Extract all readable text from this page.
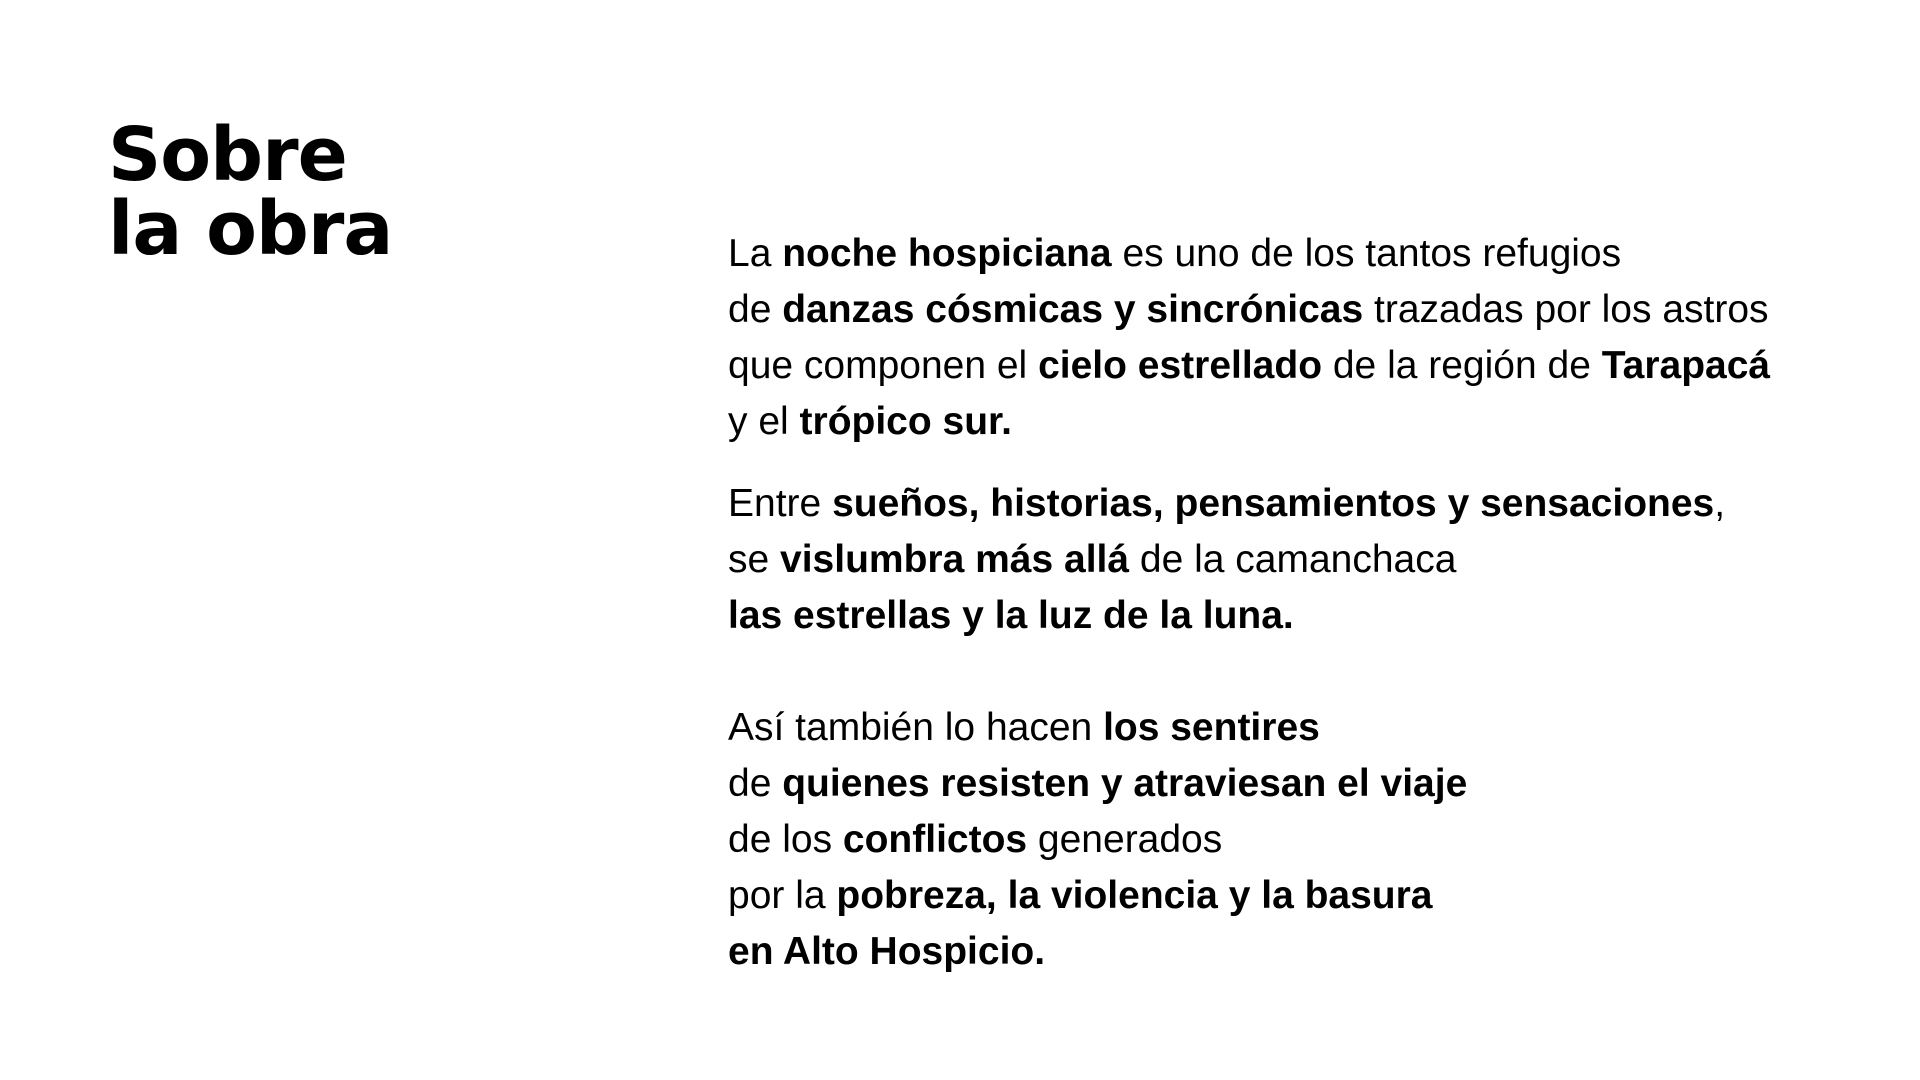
Sobre
la obra	La noche hospiciana es uno de los tantos refugios
de danzas cósmicas y sincrónicas trazadas por los astros
que componen el cielo estrellado de la región de Tarapacá
y el trópico sur.

Entre sueños, historias, pensamientos y sensaciones,
se vislumbra más allá de la camanchaca
las estrellas y la luz de la luna.

Así también lo hacen los sentires
de quienes resisten y atraviesan el viaje
de los conflictos generados
por la pobreza, la violencia y la basura
en Alto Hospicio.
